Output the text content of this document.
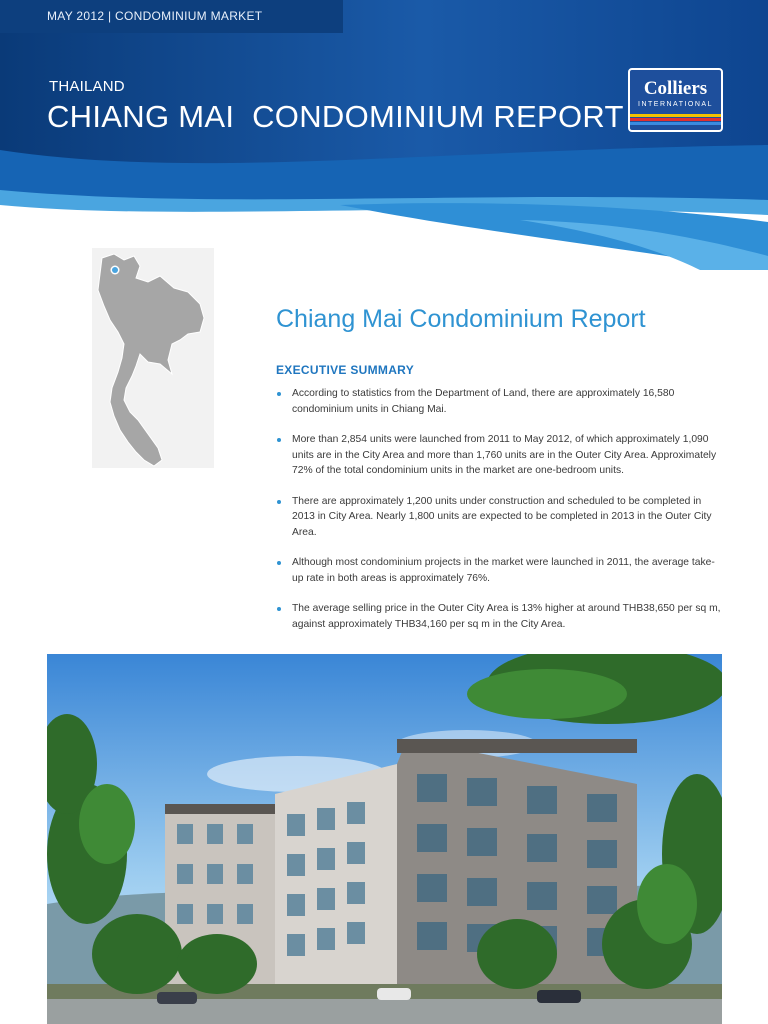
MAY 2012 | CONDOMINIUM MARKET
THAILAND
CHIANG MAI  CONDOMINIUM REPORT
Colliers
INTERNATIONAL
Chiang Mai Condominium Report
EXECUTIVE SUMMARY
According to statistics from the Department of Land, there are approximately 16,580 condominium units in Chiang Mai.
More than 2,854 units were launched from 2011 to May 2012, of which approximately 1,090 units are in the City Area and more than 1,760 units are in the Outer City Area. Approximately 72% of the total condominium units in the market are one-bedroom units.
There are approximately 1,200 units under construction and scheduled to be completed in 2013 in City Area. Nearly 1,800 units are expected to be completed in 2013 in the Outer City Area.
Although most condominium projects in the market were launched in 2011, the average take-up rate in both areas is approximately 76%.
The average selling price in the Outer City Area is 13% higher at around THB38,650 per sq m, against approximately THB34,160 per sq m in the City Area.
